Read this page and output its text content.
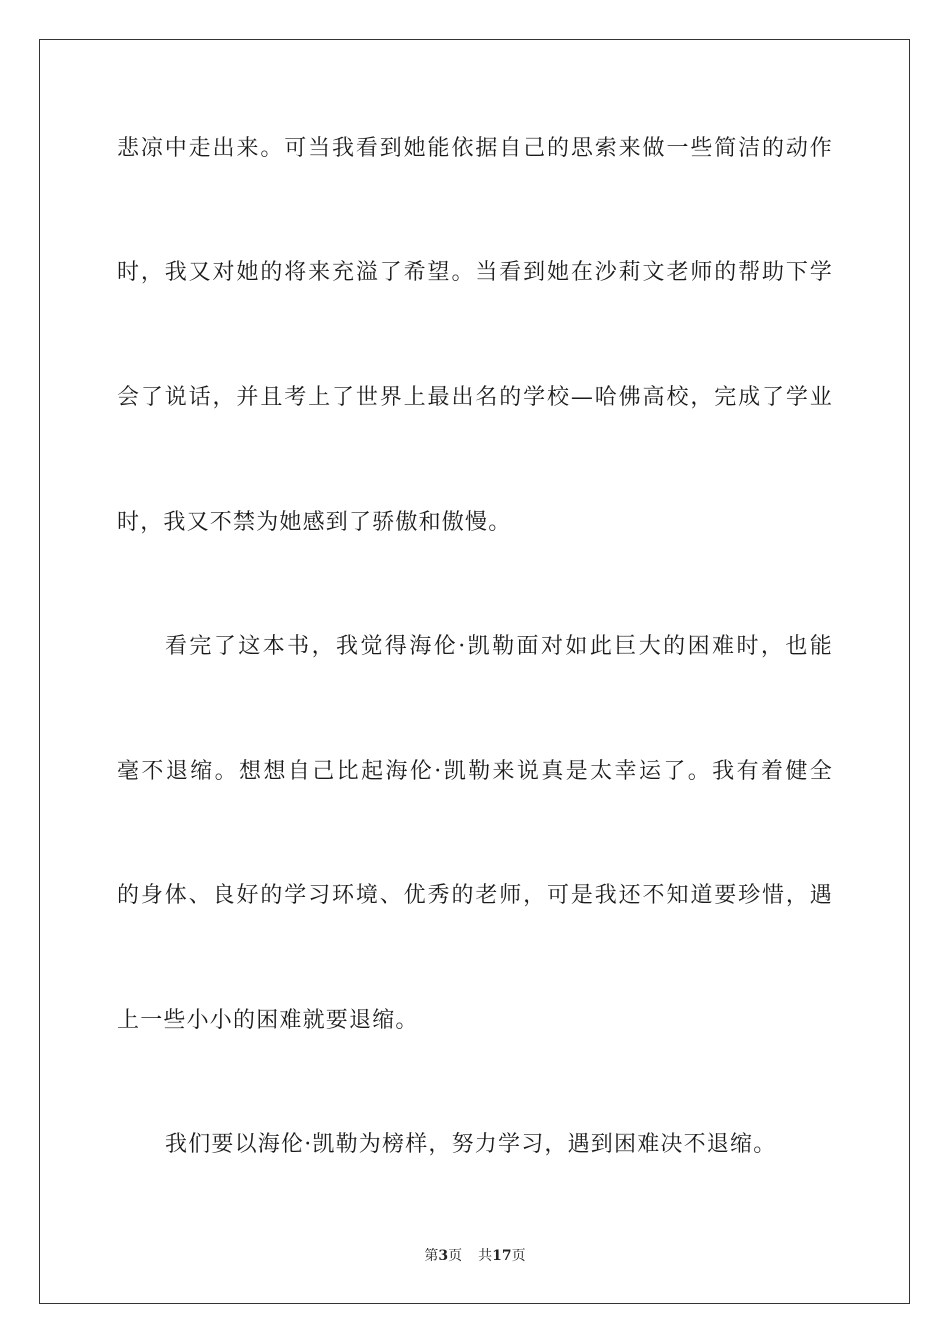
悲凉中走出来。可当我看到她能依据自己的思索来做一些简洁的动作
时，我又对她的将来充溢了希望。当看到她在沙莉文老师的帮助下学
会了说话，并且考上了世界上最出名的学校—哈佛高校，完成了学业
时，我又不禁为她感到了骄傲和傲慢。
看完了这本书，我觉得海伦·凯勒面对如此巨大的困难时，也能
毫不退缩。想想自己比起海伦·凯勒来说真是太幸运了。我有着健全
的身体、良好的学习环境、优秀的老师，可是我还不知道要珍惜，遇
上一些小小的困难就要退缩。
我们要以海伦·凯勒为榜样，努力学习，遇到困难决不退缩。
第3页 共17页
